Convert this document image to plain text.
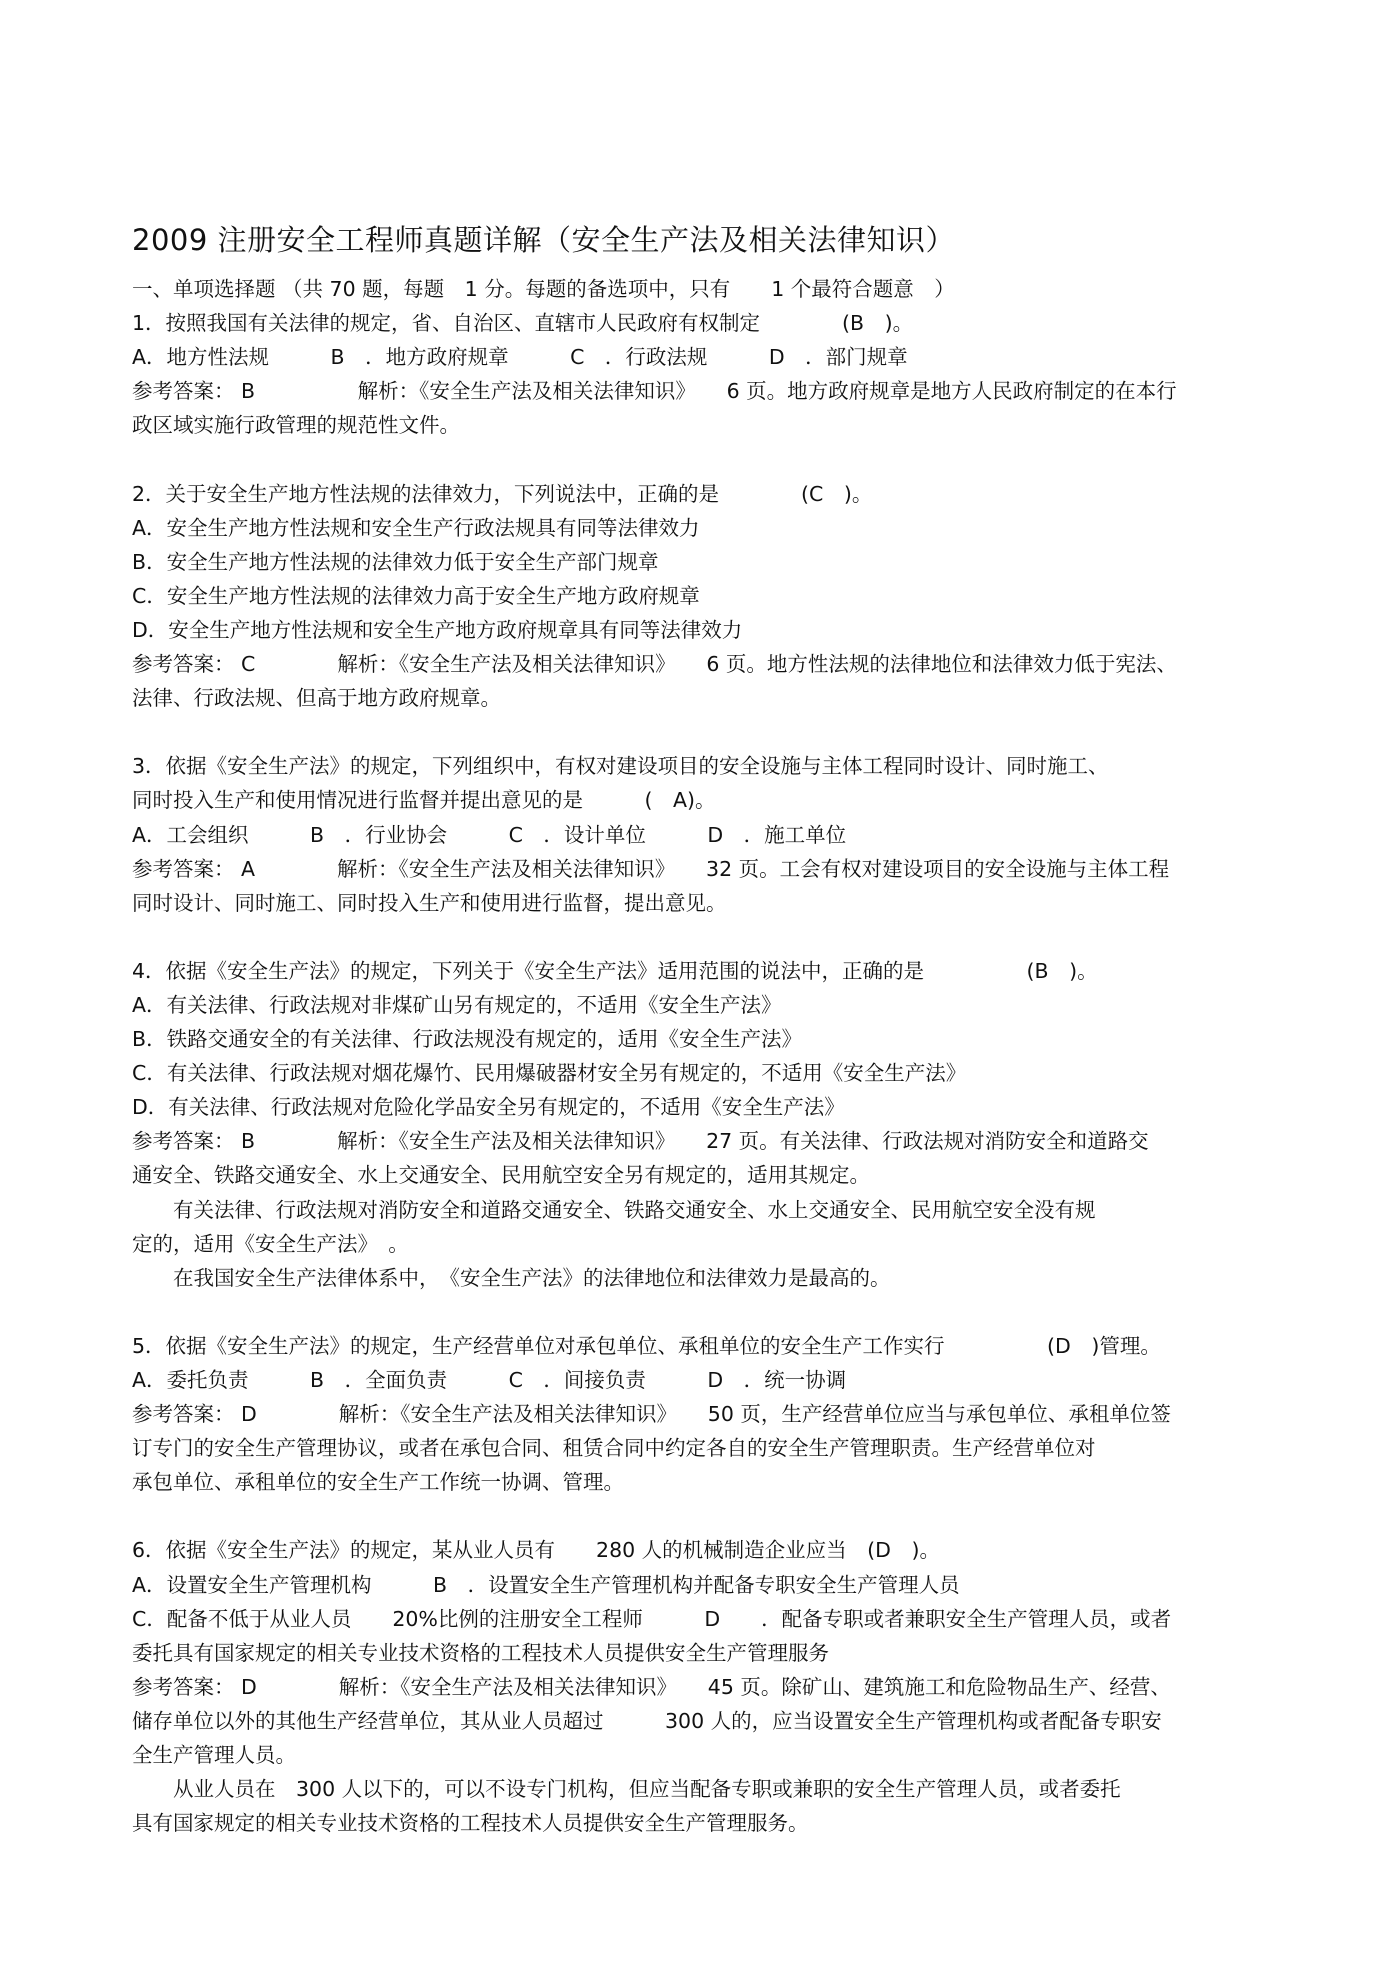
2009 注册安全工程师真题详解（安全生产法及相关法律知识）
一、单项选择题 （共 70 题，每题　1 分。每题的备选项中，只有　　1 个最符合题意　）
1．按照我国有关法律的规定，省、自治区、直辖市人民政府有权制定　　　　(B　)。
A．地方性法规　　　B　．地方政府规章　　　C　．行政法规　　　D　．部门规章
参考答案： B　　　　　解析：《安全生产法及相关法律知识》　　6 页。地方政府规章是地方人民政府制定的在本行
政区域实施行政管理的规范性文件。
2．关于安全生产地方性法规的法律效力，下列说法中，正确的是　　　　(C　)。
A．安全生产地方性法规和安全生产行政法规具有同等法律效力
B．安全生产地方性法规的法律效力低于安全生产部门规章
C．安全生产地方性法规的法律效力高于安全生产地方政府规章
D．安全生产地方性法规和安全生产地方政府规章具有同等法律效力
参考答案： C　　　　解析：《安全生产法及相关法律知识》　　6 页。地方性法规的法律地位和法律效力低于宪法、
法律、行政法规、但高于地方政府规章。
3．依据《安全生产法》的规定，下列组织中，有权对建设项目的安全设施与主体工程同时设计、同时施工、
同时投入生产和使用情况进行监督并提出意见的是　　　(　A)。
A．工会组织　　　B　．行业协会　　　C　．设计单位　　　D　．施工单位
参考答案： A　　　　解析：《安全生产法及相关法律知识》　　32 页。工会有权对建设项目的安全设施与主体工程
同时设计、同时施工、同时投入生产和使用进行监督，提出意见。
4．依据《安全生产法》的规定，下列关于《安全生产法》适用范围的说法中，正确的是　　　　　(B　)。
A．有关法律、行政法规对非煤矿山另有规定的，不适用《安全生产法》
B．铁路交通安全的有关法律、行政法规没有规定的，适用《安全生产法》
C．有关法律、行政法规对烟花爆竹、民用爆破器材安全另有规定的，不适用《安全生产法》
D．有关法律、行政法规对危险化学品安全另有规定的，不适用《安全生产法》
参考答案： B　　　　解析：《安全生产法及相关法律知识》　　27 页。有关法律、行政法规对消防安全和道路交
通安全、铁路交通安全、水上交通安全、民用航空安全另有规定的，适用其规定。
　　有关法律、行政法规对消防安全和道路交通安全、铁路交通安全、水上交通安全、民用航空安全没有规
定的，适用《安全生产法》　。
　　在我国安全生产法律体系中，　《安全生产法》的法律地位和法律效力是最高的。
5．依据《安全生产法》的规定，生产经营单位对承包单位、承租单位的安全生产工作实行　　　　　(D　)管理。
A．委托负责　　　B　．全面负责　　　C　．间接负责　　　D　．统一协调
参考答案： D　　　　解析：《安全生产法及相关法律知识》　　50 页，生产经营单位应当与承包单位、承租单位签
订专门的安全生产管理协议，或者在承包合同、租赁合同中约定各自的安全生产管理职责。生产经营单位对
承包单位、承租单位的安全生产工作统一协调、管理。
6．依据《安全生产法》的规定，某从业人员有　　280 人的机械制造企业应当　(D　)。
A．设置安全生产管理机构　　　B　．设置安全生产管理机构并配备专职安全生产管理人员
C．配备不低于从业人员　　20%比例的注册安全工程师　　　D　　．配备专职或者兼职安全生产管理人员，或者
委托具有国家规定的相关专业技术资格的工程技术人员提供安全生产管理服务
参考答案： D　　　　解析：《安全生产法及相关法律知识》　　45 页。除矿山、建筑施工和危险物品生产、经营、
储存单位以外的其他生产经营单位，其从业人员超过　　　300 人的，应当设置安全生产管理机构或者配备专职安
全生产管理人员。
　　从业人员在　300 人以下的，可以不设专门机构，但应当配备专职或兼职的安全生产管理人员，或者委托
具有国家规定的相关专业技术资格的工程技术人员提供安全生产管理服务。
